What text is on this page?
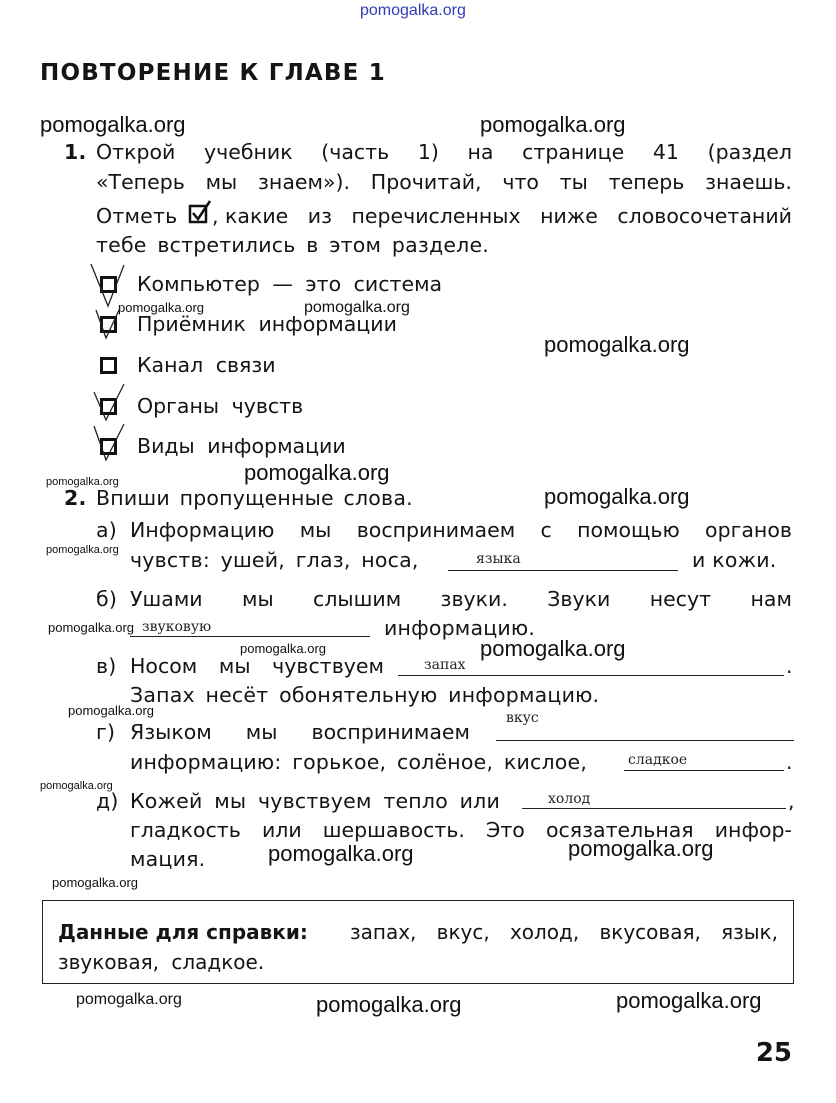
pomogalka.org
ПОВТОРЕНИЕ К ГЛАВЕ 1
pomogalka.org	pomogalka.org
pomogalka.org
pomogalka.org
pomogalka.org
pomogalka.org
pomogalka.org	pomogalka.org
pomogalka.org	pomogalka.org
pomogalka.org	pomogalka.org
pomogalka.org
pomogalka.org
pomogalka.org
pomogalka.org
pomogalka.org
pomogalka.org
pomogalka.org
pomogalka.org
1. Открой учебник (часть 1) на странице 41 (раздел
«Теперь мы знаем»). Прочитай, что ты теперь знаешь.
Отметь , какие из перечисленных ниже словосочетаний
тебе встретились в этом разделе.
Компьютер — это система
Приёмник информации
Канал связи
Органы чувств
Виды информации
2. Впиши пропущенные слова.
а) Информацию мы воспринимаем с помощью органов
чувств: ушей, глаз, носа,	языка	и кожи.
б) Ушами мы слышим звуки. Звуки несут нам
звуковую	информацию.
в) Носом мы чувствуем	запах	.
Запах несёт обонятельную информацию.
г) Языком мы воспринимаем
вкус
информацию: горькое, солёное, кислое,	сладкое	.
д) Кожей мы чувствуем тепло или	холод	,
гладкость или шершавость. Это осязательная инфор-
мация.
Данные для справки: запах, вкус, холод, вкусовая, язык,
звуковая, сладкое.
25
